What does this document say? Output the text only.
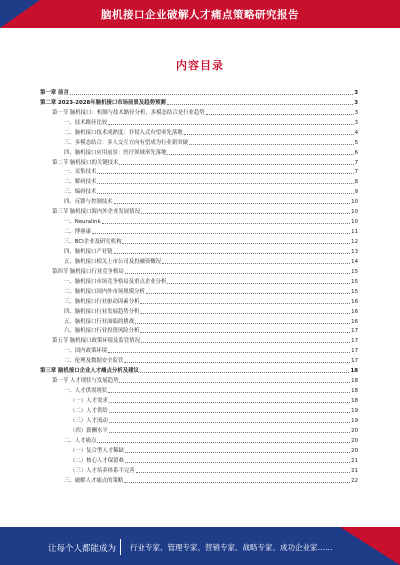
脑机接口企业破解人才痛点策略研究报告
内容目录
第一章 前言	3
第二章 2023-2028年脑机接口市场前景及趋势预测	3
第一节 脑机接口：机制与技术路径分析，多模态结合是行业趋势	3
一、技术路径比较	3
二、脑机接口技术成熟度：非侵入式有望率先落地	4
三、多模态结合：多人交互方向有望成为行业新突破	5
四、脑机接口应用前景：医疗领域率先落地	6
第二节 脑机接口的关键技术	7
一、采集技术	7
二、解码技术	8
三、编码技术	9
四、反馈与控制技术	10
第三节 脑机接口海内外企业发展情况	10
一、Neuralink	10
二、博睿康	11
三、BCI企业及研究机构	12
四、脑机接口产业链	13
五、脑机接口相关上市公司及投融资概况	14
第四节 脑机接口行业竞争格局	15
一、脑机接口市场竞争格局及重点企业分析	15
二、脑机接口国内外市场规模分析	15
三、脑机接口行业驱动因素分析	16
四、脑机接口行业发展趋势分析	16
五、脑机接口行业面临的挑战	16
六、脑机接口行业投资风险分析	17
第五节 脑机接口政策环境及监管情况	17
一、国内政策环境	17
二、伦理及数据安全监管	17
第三章 脑机接口企业人才痛点分析及建议	18
第一节 人才现状与发展趋势	18
一、人才供需现状	18
（一）人才需求	18
（二）人才供给	19
（三）人才流动	19
（四）薪酬水平	20
二、人才痛点	20
（一）复合型人才稀缺	20
（二）核心人才保留难	21
（三）人才培养体系不完善	21
三、破解人才痛点的策略	22
让每个人都能成为 行业专家、管理专家、营销专家、战略专家、成功企业家……
